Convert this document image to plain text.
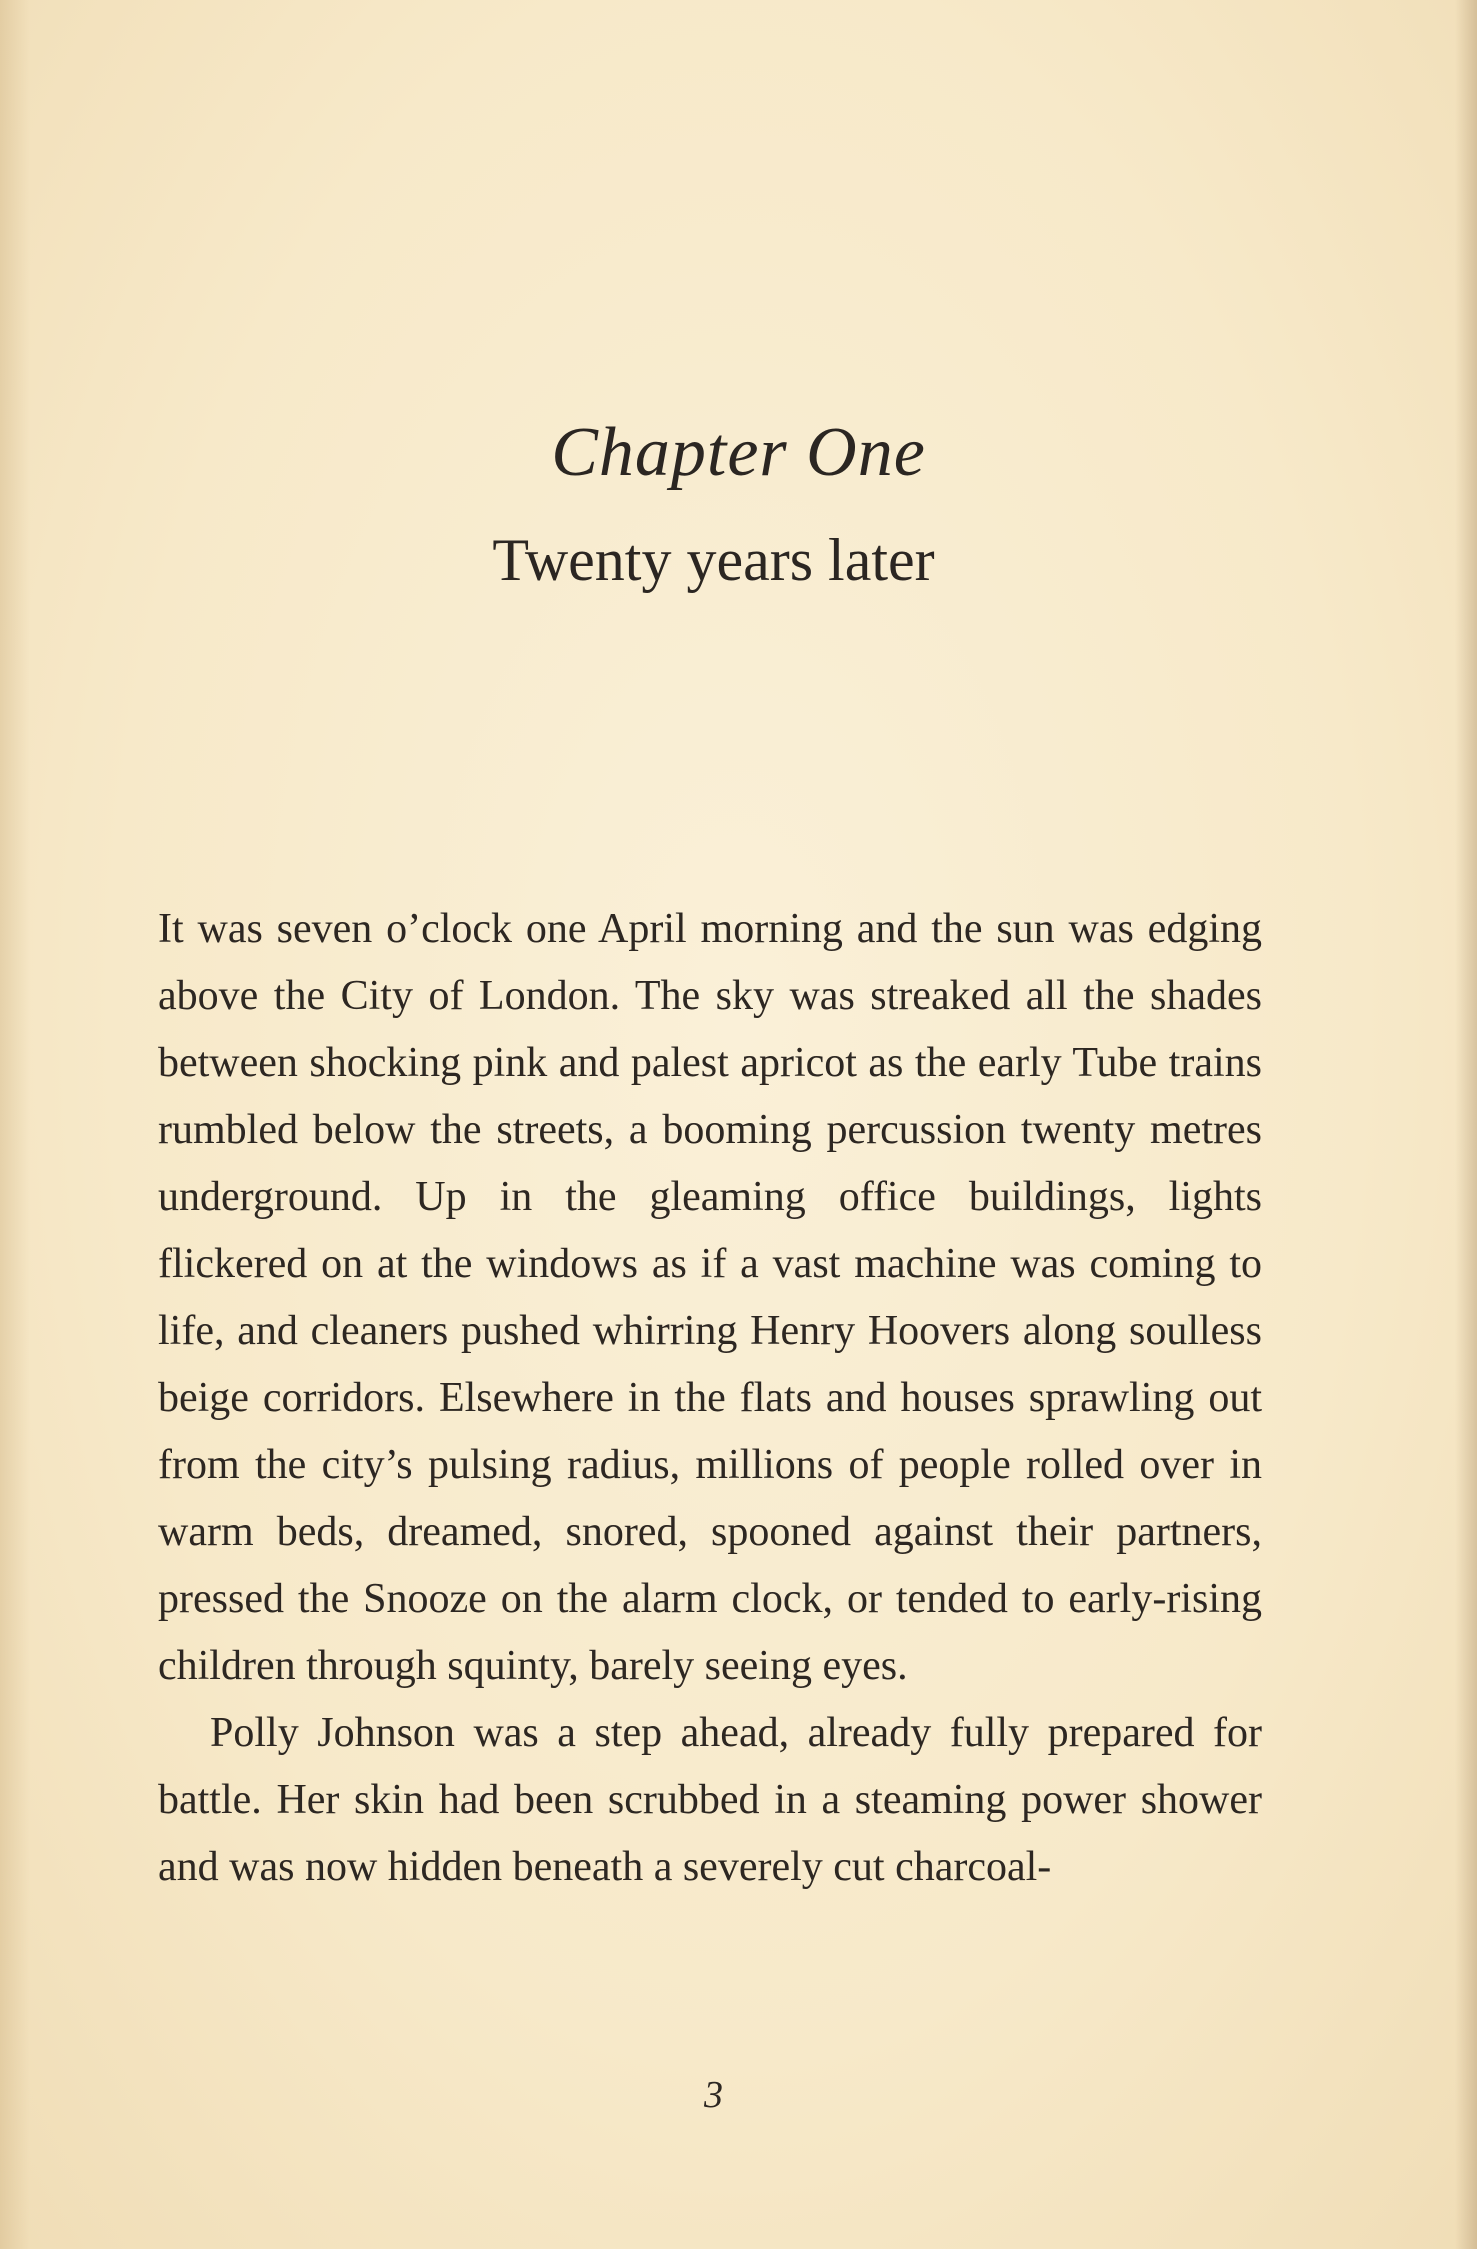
Chapter One
Twenty years later

It was seven o’clock one April morning and the sun was edging above the City of London. The sky was streaked all the shades between shocking pink and palest apricot as the early Tube trains rumbled below the streets, a booming percussion twenty metres underground. Up in the gleaming office buildings, lights flickered on at the windows as if a vast machine was coming to life, and cleaners pushed whirring Henry Hoovers along soulless beige corridors. Elsewhere in the flats and houses sprawling out from the city’s pulsing radius, millions of people rolled over in warm beds, dreamed, snored, spooned against their partners, pressed the Snooze on the alarm clock, or tended to early-rising children through squinty, barely seeing eyes.

Polly Johnson was a step ahead, already fully prepared for battle. Her skin had been scrubbed in a steaming power shower and was now hidden beneath a severely cut charcoal-

3
